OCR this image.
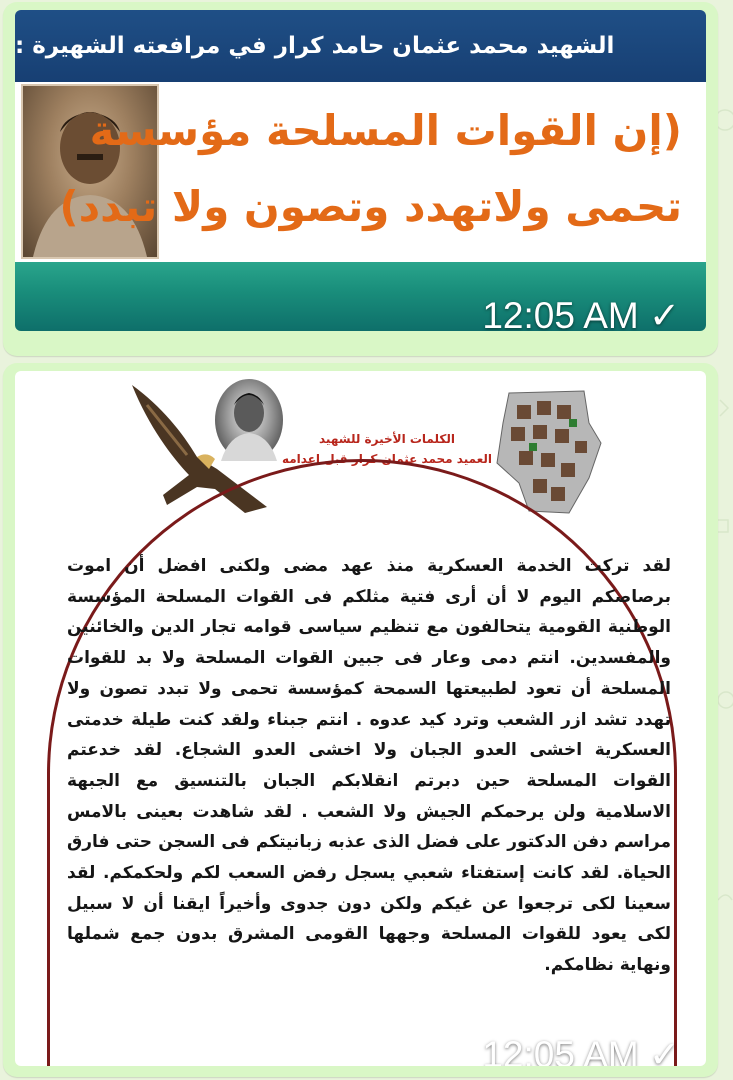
الشهيد محمد عثمان حامد كرار في مرافعته الشهيرة :
(إن القوات المسلحة مؤسسة
تحمى ولاتهدد وتصون ولا تبدد)
12:05 AM ✓
الكلمات الأخيرة للشهيد
العميد محمد عثمان كرار قبل اعدامه
لقد تركت الخدمة العسكرية منذ عهد مضى ولكنى افضل أن اموت برصاصكم اليوم لا أن أرى فتية مثلكم فى القوات المسلحة المؤسسة الوطنية القومية يتحالفون مع تنظيم سياسى قوامه تجار الدين والخائنين والمفسدين. انتم دمى وعار فى جبين القوات المسلحة ولا بد للقوات المسلحة أن تعود لطبيعتها السمحة كمؤسسة تحمى ولا تبدد تصون ولا تهدد تشد ازر الشعب وترد كيد عدوه . انتم جبناء ولقد كنت طيلة خدمتى العسكرية اخشى العدو الجبان ولا اخشى العدو الشجاع. لقد خدعتم القوات المسلحة حين دبرتم انقلابكم الجبان بالتنسيق مع الجبهة الاسلامية ولن يرحمكم الجيش ولا الشعب . لقد شاهدت بعينى بالامس مراسم دفن الدكتور على فضل الذى عذبه زبانيتكم فى السجن حتى فارق الحياة. لقد كانت إستفتاء شعبي يسجل رفض السعب لكم ولحكمكم. لقد سعينا لكى ترجعوا عن غيكم ولكن دون جدوى وأخيراً ايقنا أن لا سبيل لكى يعود للقوات المسلحة وجهها القومى المشرق بدون جمع شملها ونهاية نظامكم.
12:05 AM ✓
